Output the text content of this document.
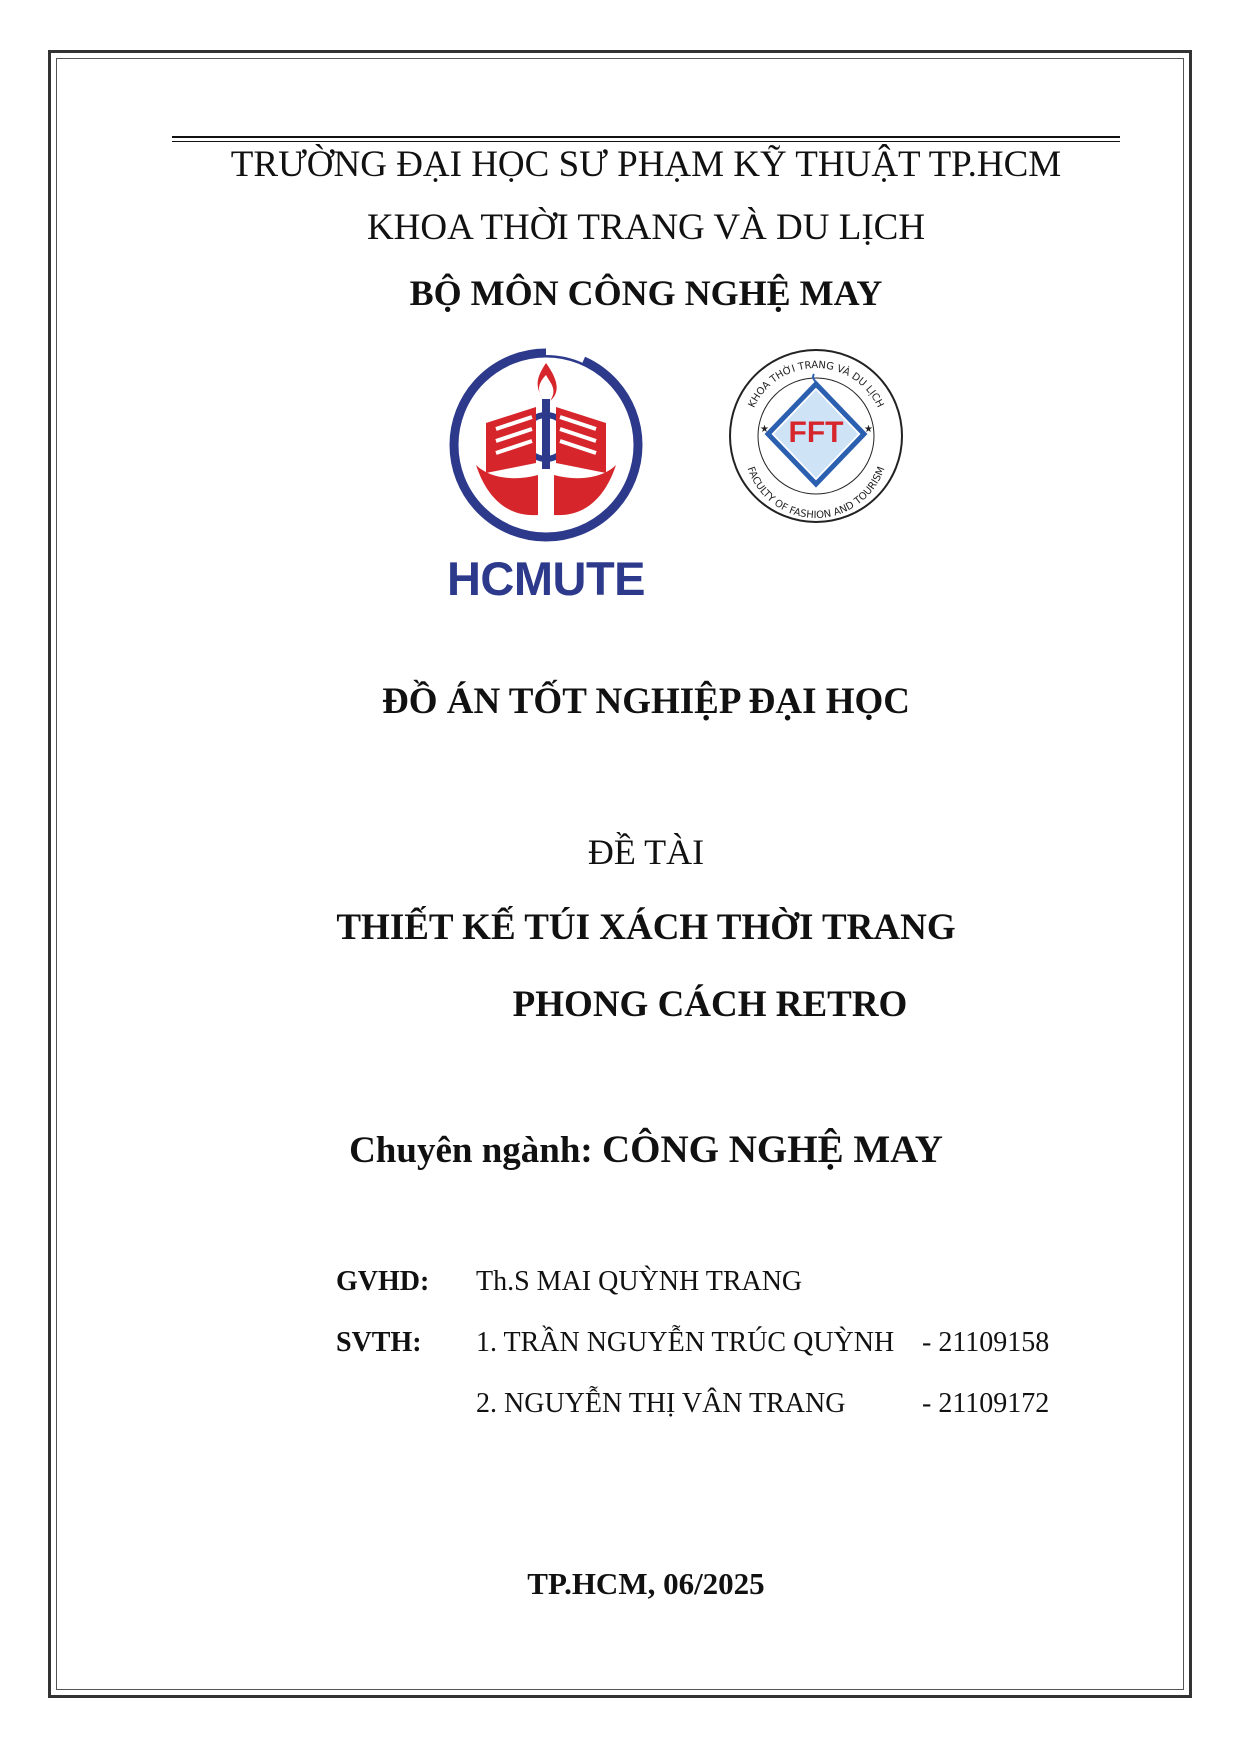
TRƯỜNG ĐẠI HỌC SƯ PHẠM KỸ THUẬT TP.HCM
KHOA THỜI TRANG VÀ DU LỊCH
BỘ MÔN CÔNG NGHỆ MAY
HCMUTE
KHOA THỜI TRANG VÀ DU LỊCH
FACULTY OF FASHION AND TOURISM
★	★
FFT
ĐỒ ÁN TỐT NGHIỆP ĐẠI HỌC
ĐỀ TÀI
THIẾT KẾ TÚI XÁCH THỜI TRANG
PHONG CÁCH RETRO
Chuyên ngành: CÔNG NGHỆ MAY
GVHD: Th.S MAI QUỲNH TRANG
SVTH: 1. TRẦN NGUYỄN TRÚC QUỲNH - 21109158
2. NGUYỄN THỊ VÂN TRANG	- 21109172
TP.HCM, 06/2025
